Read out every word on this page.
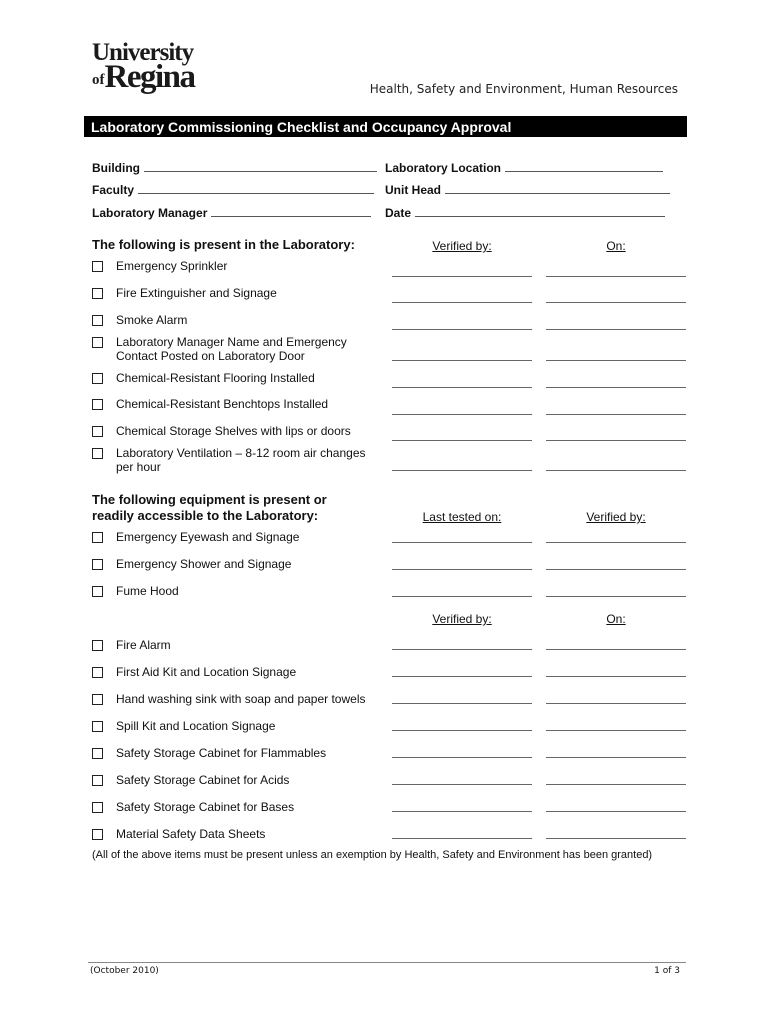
University
ofRegina	Health, Safety and Environment, Human Resources
Laboratory Commissioning Checklist and Occupancy Approval
Building	Laboratory Location
Faculty	Unit Head
Laboratory Manager	Date
The following is present in the Laboratory:	Verified by:	On:
Emergency Sprinkler
Fire Extinguisher and Signage
Smoke Alarm
Laboratory Manager Name and Emergency Contact Posted on Laboratory Door
Chemical-Resistant Flooring Installed
Chemical-Resistant Benchtops Installed
Chemical Storage Shelves with lips or doors
Laboratory Ventilation – 8-12 room air changes per hour
The following equipment is present or readily accessible to the Laboratory:	Last tested on:	Verified by:
Emergency Eyewash and Signage
Emergency Shower and Signage
Fume Hood
Verified by:	On:
Fire Alarm
First Aid Kit and Location Signage
Hand washing sink with soap and paper towels
Spill Kit and Location Signage
Safety Storage Cabinet for Flammables
Safety Storage Cabinet for Acids
Safety Storage Cabinet for Bases
Material Safety Data Sheets
(All of the above items must be present unless an exemption by Health, Safety and Environment has been granted)
(October 2010)	1 of 3
